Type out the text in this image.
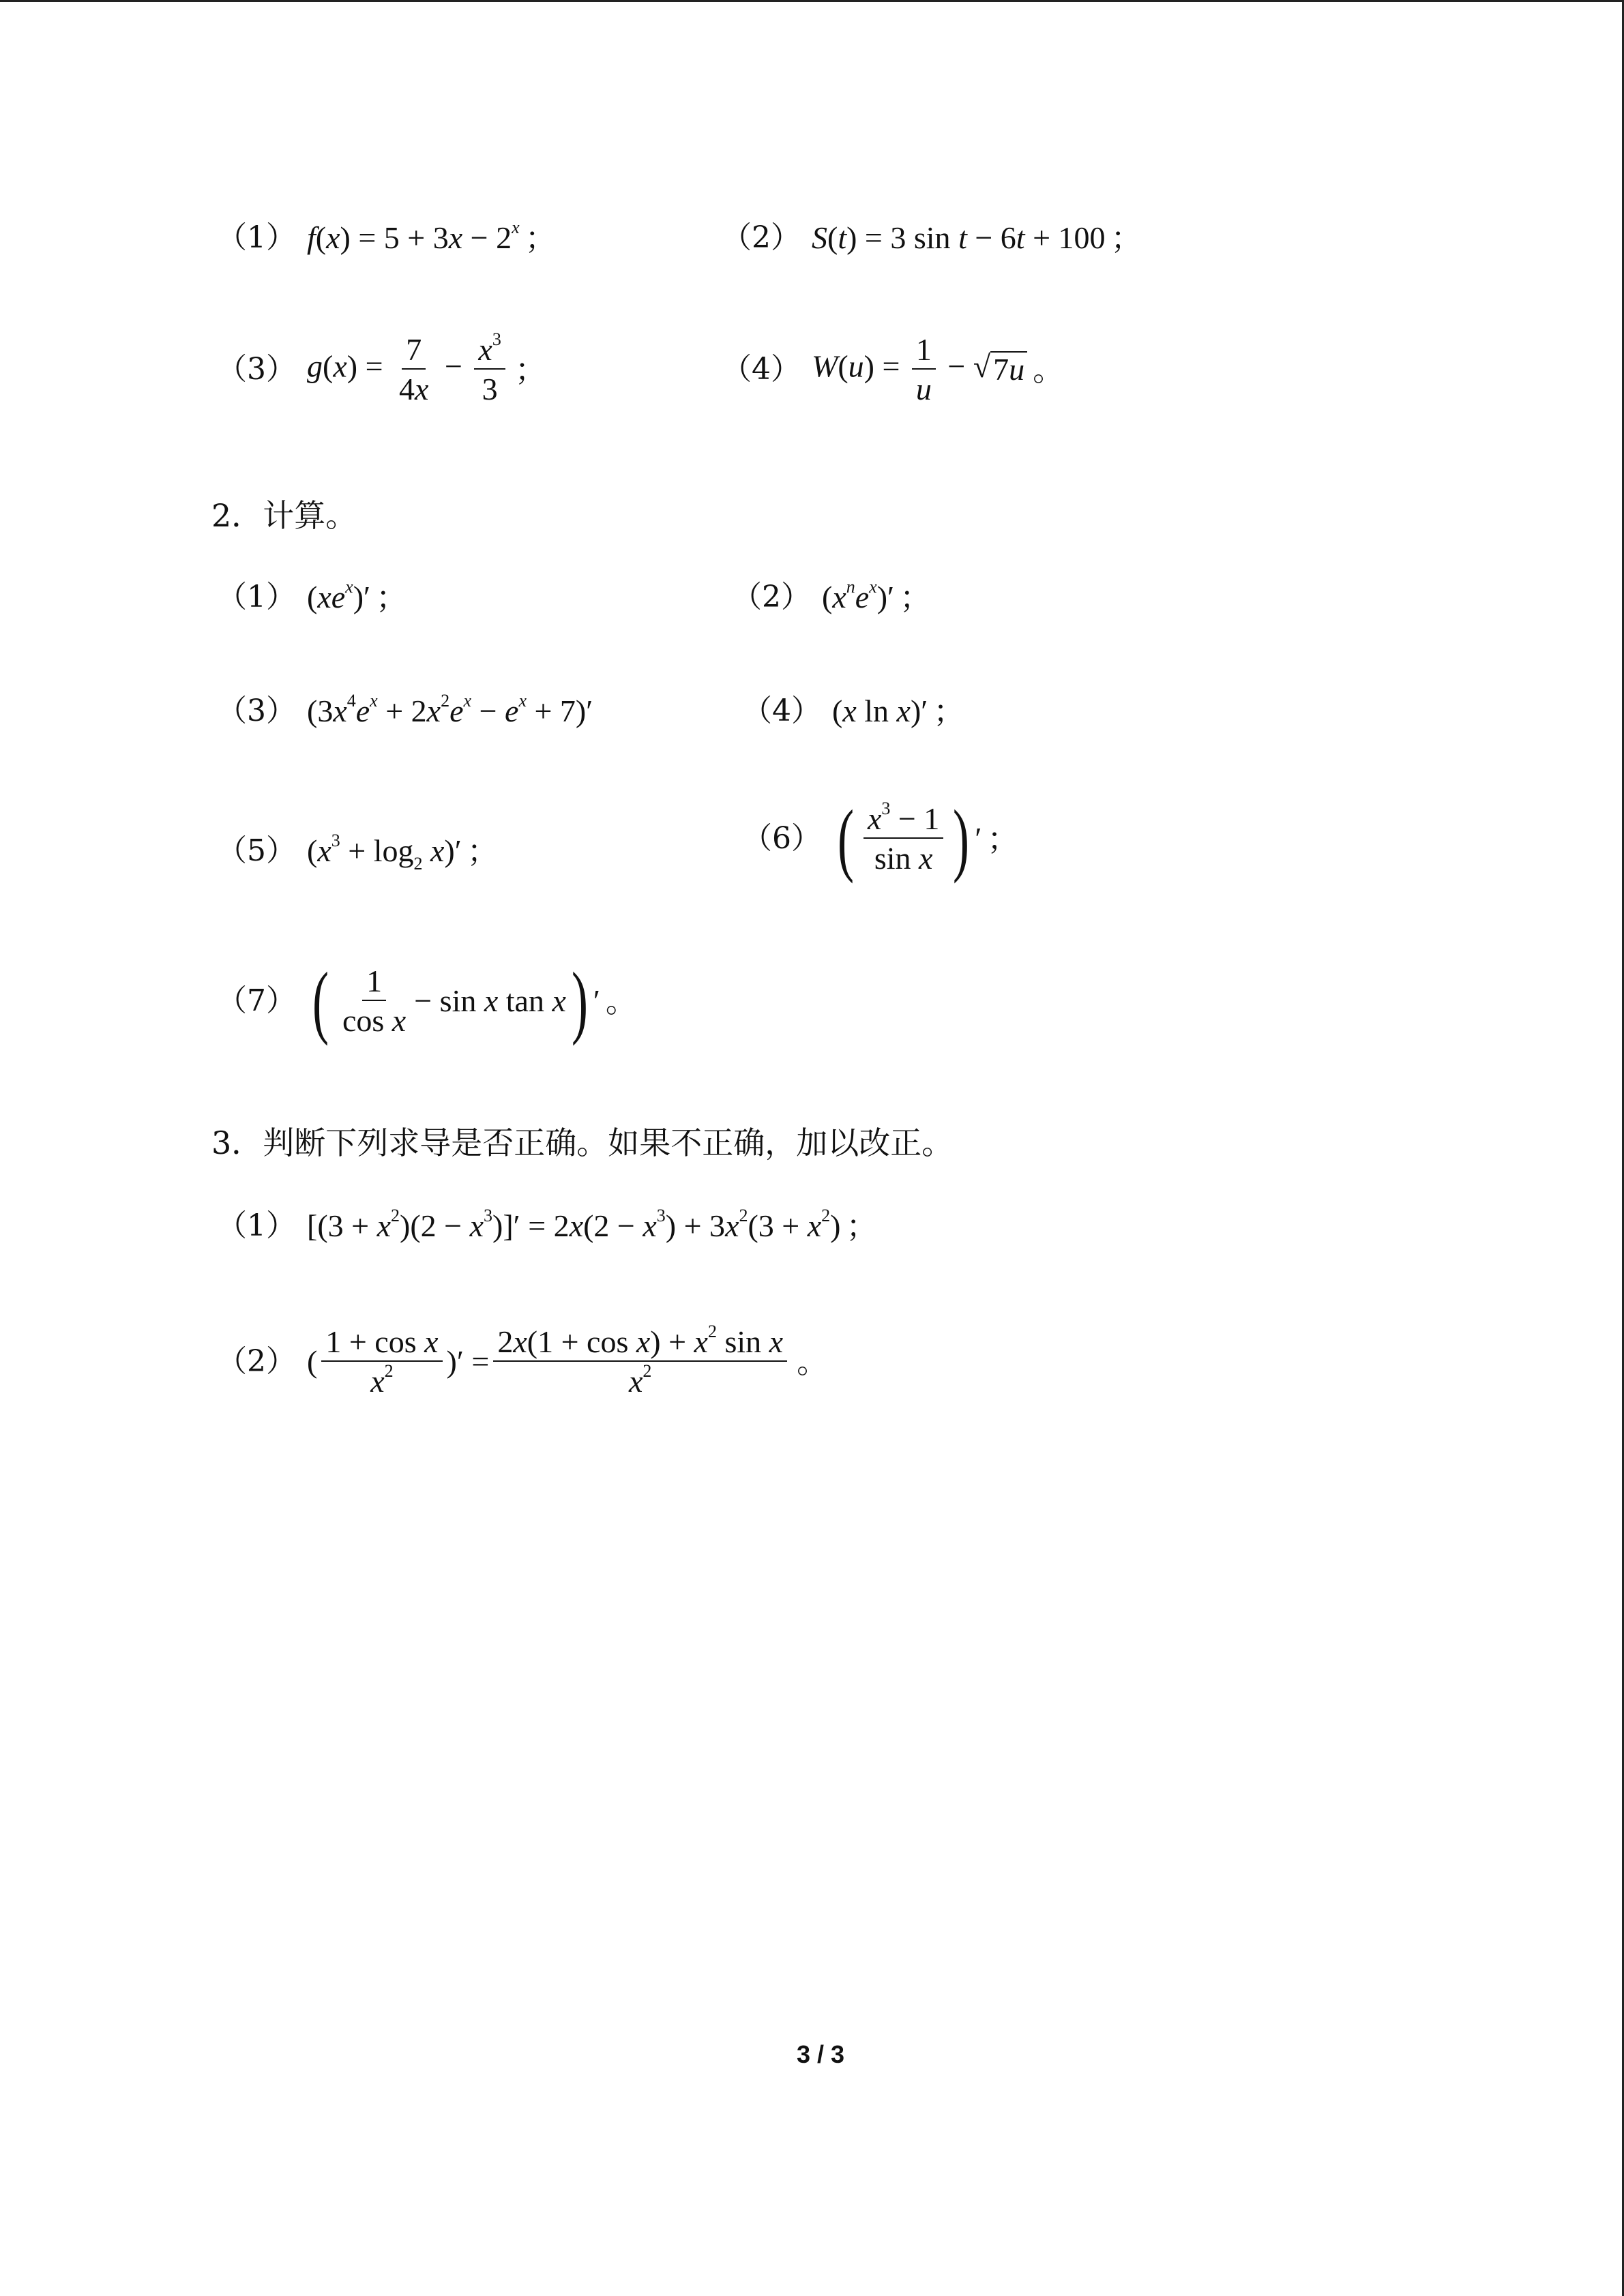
（1） $f(x) = 5 + 3x - 2^x$ ；	（2） S(t) = 3 sin t − 6t + 100 ；
（3） $g(x) = \frac{7}{4x} - \frac{x^3}{3}$ ；	（4） $W(u) = \frac{1}{u}$ − √ 7u 。
2．计算。
（1） $(xe^x)'$ ；	（2） $(x^ne^x)'$ ；
（3） $(3x^4e^x + 2x^2e^x - e^x + 7)'$	（4） (x ln x)′ ；
（5） $(x^3 + \log_2 x)'$ ；	（6） ( $\frac{x^3 - 1}{\text{sin x}}$ ) ′ ；
（7） ( $\frac{1}{\text{cos x}} - \sin x$ tan x ) ′ 。
3．判断下列求导是否正确。如果不正确，加以改正。
（1） $[(3 + x^2)(2 - x^3)]' = 2x(2 - x^3) + 3x^2(3 + x^2)$ ；
（2） ( $\frac{\text{1 + cos x}}{x^2}$ )′ = $\frac{2x(1 + \cos x) + x^2 \sin x}{x^2}$ 。
3 / 3
